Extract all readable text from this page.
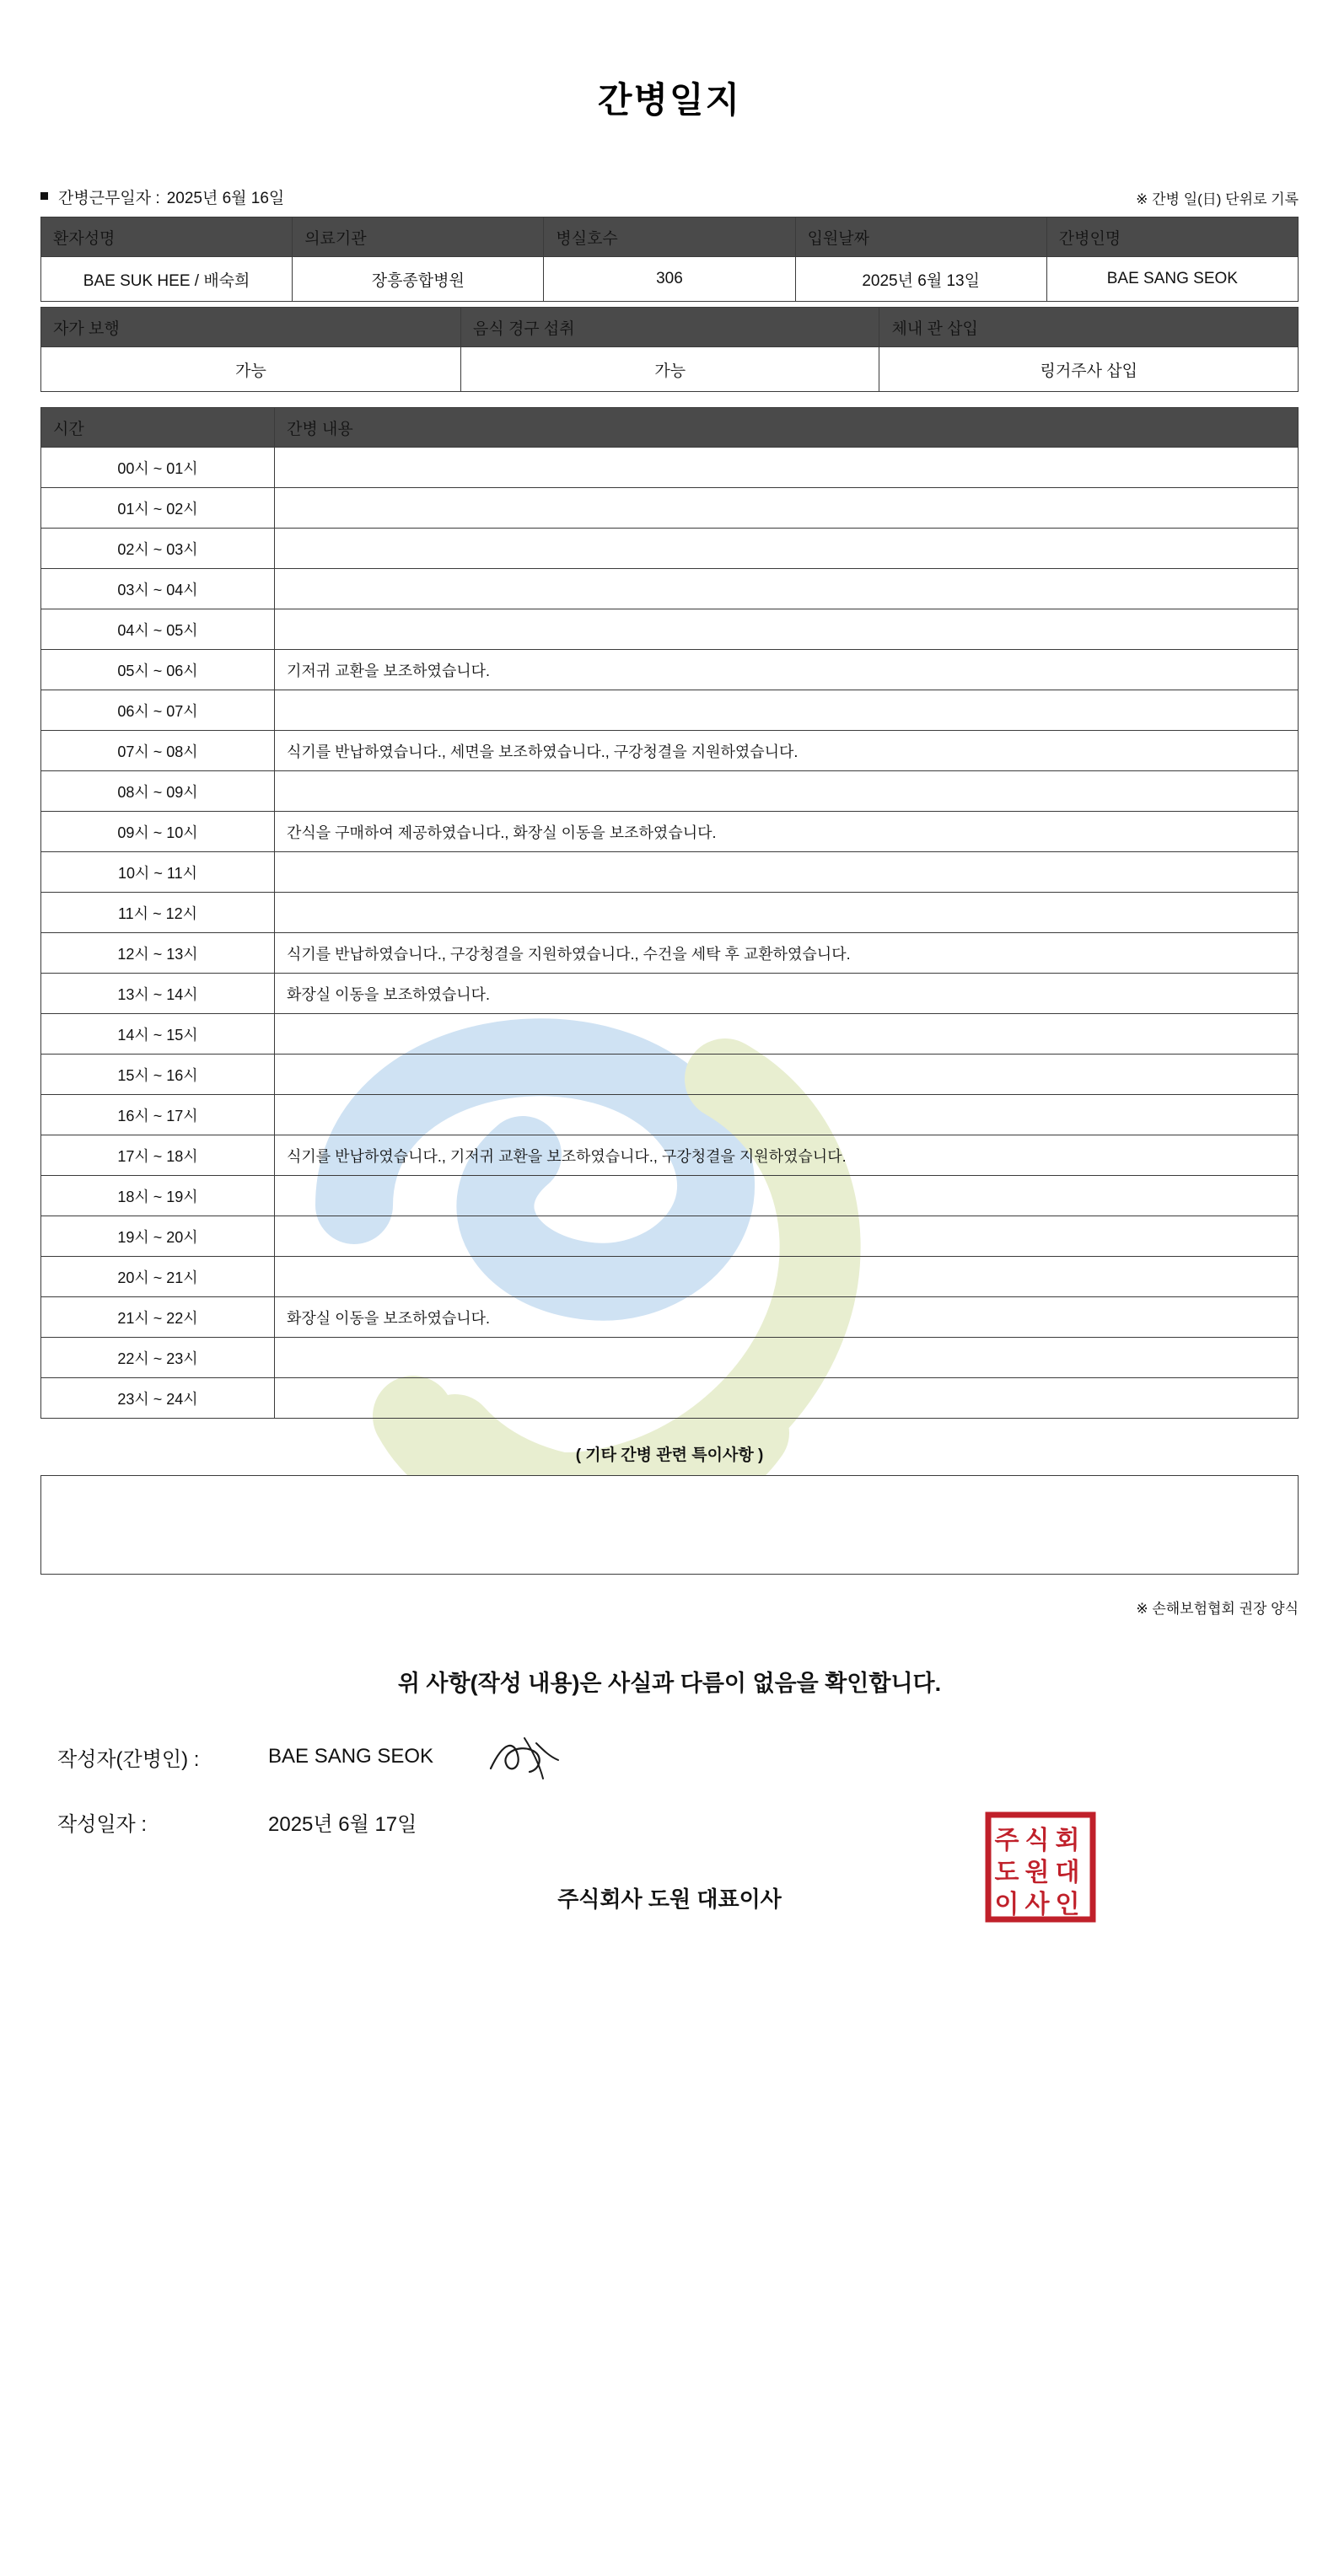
간병일지
간병근무일자 : 2025년 6월 16일	※ 간병 일(日) 단위로 기록
환자성명	의료기관	병실호수	입원날짜	간병인명
BAE SUK HEE / 배숙희	장흥종합병원	306	2025년 6월 13일	BAE SANG SEOK
자가 보행	음식 경구 섭취	체내 관 삽입
가능	가능	링거주사 삽입
시간	간병 내용
00시 ~ 01시	
01시 ~ 02시	
02시 ~ 03시	
03시 ~ 04시	
04시 ~ 05시	
05시 ~ 06시	기저귀 교환을 보조하였습니다.
06시 ~ 07시	
07시 ~ 08시	식기를 반납하였습니다., 세면을 보조하였습니다., 구강청결을 지원하였습니다.
08시 ~ 09시	
09시 ~ 10시	간식을 구매하여 제공하였습니다., 화장실 이동을 보조하였습니다.
10시 ~ 11시	
11시 ~ 12시	
12시 ~ 13시	식기를 반납하였습니다., 구강청결을 지원하였습니다., 수건을 세탁 후 교환하였습니다.
13시 ~ 14시	화장실 이동을 보조하였습니다.
14시 ~ 15시	
15시 ~ 16시	
16시 ~ 17시	
17시 ~ 18시	식기를 반납하였습니다., 기저귀 교환을 보조하였습니다., 구강청결을 지원하였습니다.
18시 ~ 19시	
19시 ~ 20시	
20시 ~ 21시	
21시 ~ 22시	화장실 이동을 보조하였습니다.
22시 ~ 23시	
23시 ~ 24시	
( 기타 간병 관련 특이사항 )
※ 손해보험협회 권장 양식
위 사항(작성 내용)은 사실과 다름이 없음을 확인합니다.
작성자(간병인) :	BAE SANG SEOK
작성일자 :	2025년 6월 17일
주식회사 도원 대표이사
주 식 회
도 원 대
이 사 인
